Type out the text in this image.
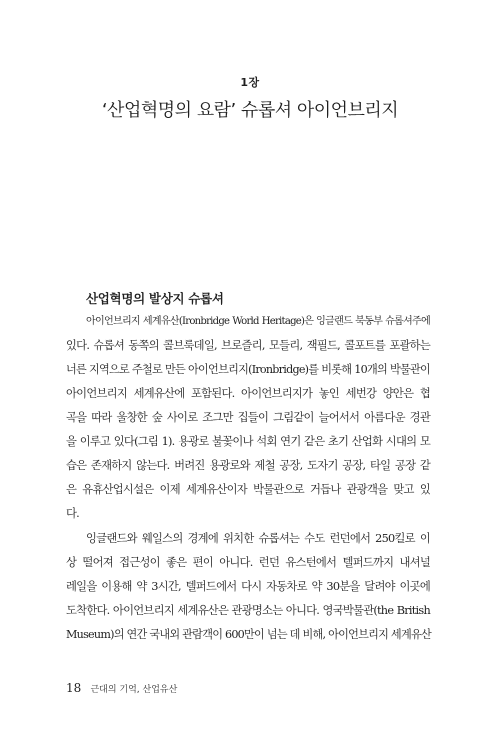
1장
‘산업혁명의 요람’ 슈롭셔 아이언브리지
산업혁명의 발상지 슈롭셔
아이언브리지 세계유산(Ironbridge World Heritage)은 잉글랜드 북동부 슈롭셔주에
있다. 슈롭셔 동쪽의 콜브룩데일, 브로즐리, 모들리, 잭필드, 콜포트를 포괄하는
너른 지역으로 주철로 만든 아이언브리지(Ironbridge)를 비롯해 10개의 박물관이
아이언브리지 세계유산에 포함된다. 아이언브리지가 놓인 세번강 양안은 협
곡을 따라 울창한 숲 사이로 조그만 집들이 그림같이 늘어서서 아름다운 경관
을 이루고 있다(그림 1). 용광로 불꽃이나 석회 연기 같은 초기 산업화 시대의 모
습은 존재하지 않는다. 버려진 용광로와 제철 공장, 도자기 공장, 타일 공장 같
은 유휴산업시설은 이제 세계유산이자 박물관으로 거듭나 관광객을 맞고 있
다.
잉글랜드와 웨일스의 경계에 위치한 슈롭셔는 수도 런던에서 250킬로 이
상 떨어져 접근성이 좋은 편이 아니다. 런던 유스턴에서 텔퍼드까지 내셔널
레일을 이용해 약 3시간, 텔퍼드에서 다시 자동차로 약 30분을 달려야 이곳에
도착한다. 아이언브리지 세계유산은 관광명소는 아니다. 영국박물관(the British
Museum)의 연간 국내외 관람객이 600만이 넘는 데 비해, 아이언브리지 세계유산
18 근대의 기억, 산업유산
